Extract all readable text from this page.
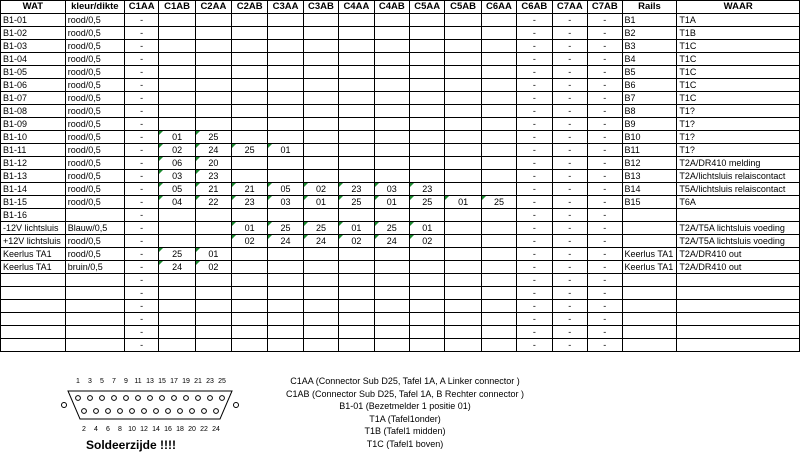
WAT	kleur/dikte	C1AA	C1AB	C2AA	C2AB	C3AA	C3AB	C4AA	C4AB	C5AA	C5AB	C6AA	C6AB	C7AA	C7AB	Rails	WAAR
B1-01	rood/0,5	-											-	-	-	B1	T1A
B1-02	rood/0,5	-											-	-	-	B2	T1B
B1-03	rood/0,5	-											-	-	-	B3	T1C
B1-04	rood/0,5	-											-	-	-	B4	T1C
B1-05	rood/0,5	-											-	-	-	B5	T1C
B1-06	rood/0,5	-											-	-	-	B6	T1C
B1-07	rood/0,5	-											-	-	-	B7	T1C
B1-08	rood/0,5	-											-	-	-	B8	T1?
B1-09	rood/0,5	-											-	-	-	B9	T1?
B1-10	rood/0,5	-	01	25									-	-	-	B10	T1?
B1-11	rood/0,5	-	02	24	25	01							-	-	-	B11	T1?
B1-12	rood/0,5	-	06	20									-	-	-	B12	T2A/DR410 melding
B1-13	rood/0,5	-	03	23									-	-	-	B13	T2A/lichtsluis relaiscontact
B1-14	rood/0,5	-	05	21	21	05	02	23	03	23			-	-	-	B14	T5A/lichtsluis relaiscontact
B1-15	rood/0,5	-	04	22	23	03	01	25	01	25	01	25	-	-	-	B15	T6A
B1-16		-											-	-	-		
-12V lichtsluis	Blauw/0,5	-			01	25	25	01	25	01			-	-	-		T2A/T5A lichtsluis voeding
+12V lichtsluis	rood/0,5	-			02	24	24	02	24	02			-	-	-		T2A/T5A lichtsluis voeding
Keerlus TA1	rood/0,5	-	25	01									-	-	-	Keerlus TA1	T2A/DR410 out
Keerlus TA1	bruin/0,5	-	24	02									-	-	-	Keerlus TA1	T2A/DR410 out
		-											-	-	-		
		-											-	-	-		
		-											-	-	-		
		-											-	-	-		
		-											-	-	-		
		-											-	-	-		
1 3 5 7 9 11 13 15 17 19 21 23 25
2 4 6 8 10 12 14 16 18 20 22 24
Soldeerzijde !!!!
C1AA (Connector Sub D25, Tafel 1A, A Linker connector )
C1AB (Connector Sub D25, Tafel 1A, B Rechter connector )
B1-01 (Bezetmelder 1 positie 01)
T1A (Tafel1onder)
T1B (Tafel1 midden)
T1C (Tafel1 boven)
